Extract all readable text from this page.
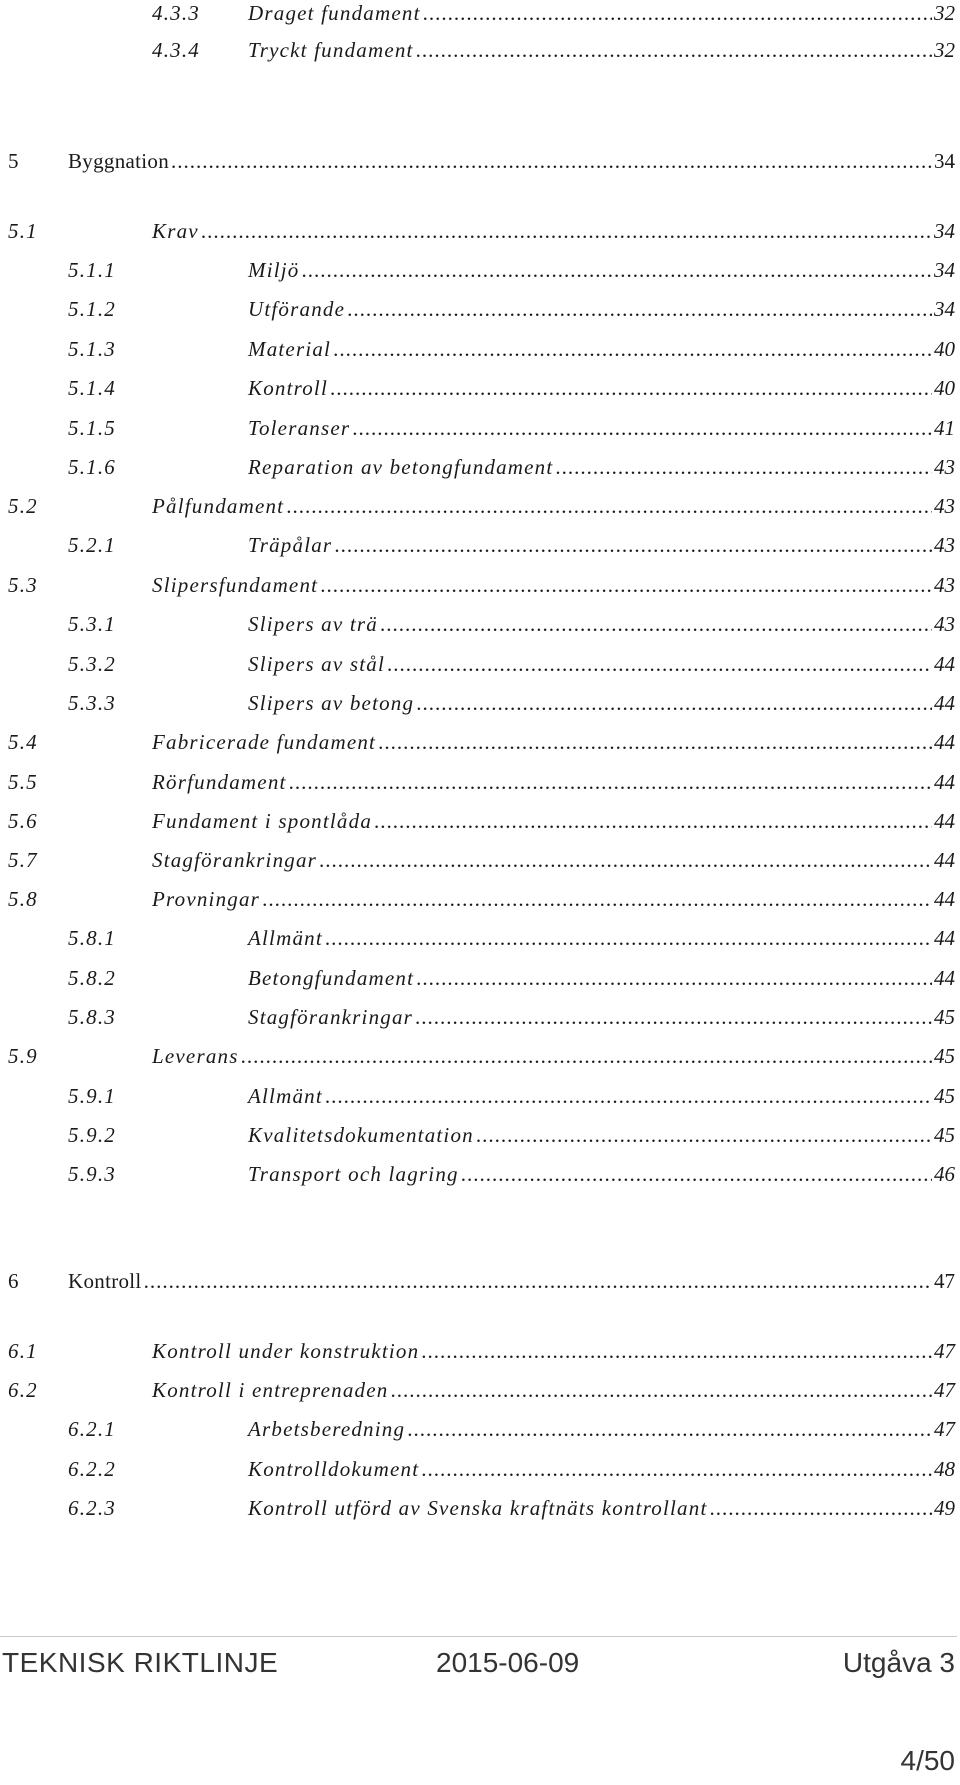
4.3.3 Draget fundament .....	32
4.3.4 Tryckt fundament .....	32
5 Byggnation .....	34
5.1	Krav .....	34
5.1.1	Miljö .....	34
5.1.2	Utförande .....	34
5.1.3	Material .....	40
5.1.4	Kontroll .....	40
5.1.5	Toleranser .....	41
5.1.6	Reparation av betongfundament .....	43
5.2	Pålfundament .....	43
5.2.1	Träpålar .....	43
5.3	Slipersfundament .....	43
5.3.1	Slipers av trä .....	43
5.3.2	Slipers av stål .....	44
5.3.3	Slipers av betong .....	44
5.4	Fabricerade fundament .....	44
5.5	Rörfundament .....	44
5.6	Fundament i spontlåda .....	44
5.7	Stagförankringar .....	44
5.8	Provningar .....	44
5.8.1	Allmänt .....	44
5.8.2	Betongfundament .....	44
5.8.3	Stagförankringar .....	45
5.9	Leverans .....	45
5.9.1	Allmänt .....	45
5.9.2	Kvalitetsdokumentation .....	45
5.9.3	Transport och lagring .....	46
6 Kontroll .....	47
6.1	Kontroll under konstruktion .....	47
6.2	Kontroll i entreprenaden .....	47
6.2.1	Arbetsberedning .....	47
6.2.2	Kontrolldokument .....	48
6.2.3	Kontroll utförd av Svenska kraftnäts kontrollant .....	49
TEKNISK RIKTLINJE	2015-06-09	Utgåva 3
4/50
